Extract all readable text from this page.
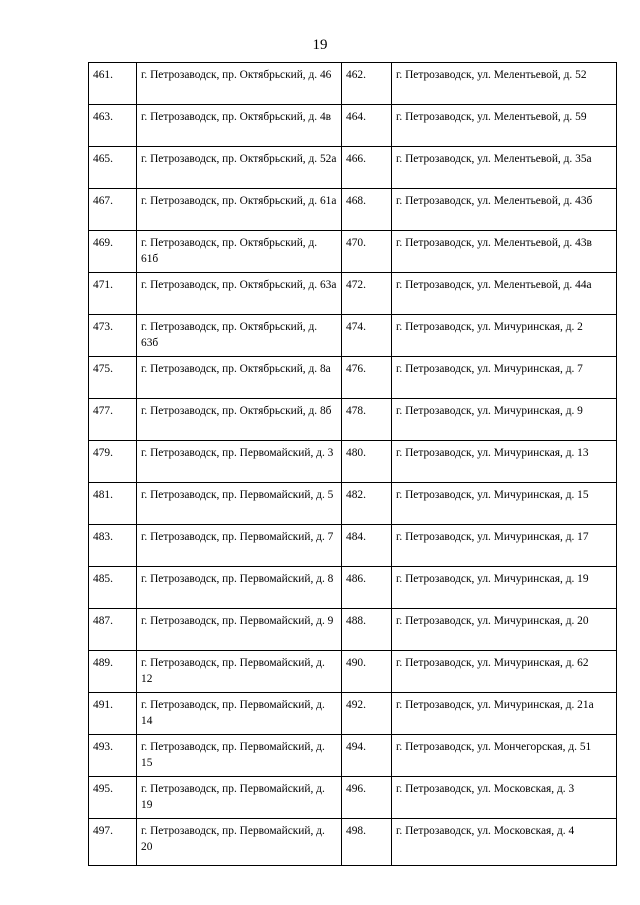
19
461.	г. Петрозаводск, пр. Октябрьский, д. 46	462.	г. Петрозаводск, ул. Мелентьевой, д. 52
463.	г. Петрозаводск, пр. Октябрьский, д. 4в	464.	г. Петрозаводск, ул. Мелентьевой, д. 59
465.	г. Петрозаводск, пр. Октябрьский, д. 52а	466.	г. Петрозаводск, ул. Мелентьевой, д. 35а
467.	г. Петрозаводск, пр. Октябрьский, д. 61а	468.	г. Петрозаводск, ул. Мелентьевой, д. 43б
469.	г. Петрозаводск, пр. Октябрьский, д. 61б	470.	г. Петрозаводск, ул. Мелентьевой, д. 43в
471.	г. Петрозаводск, пр. Октябрьский, д. 63а	472.	г. Петрозаводск, ул. Мелентьевой, д. 44а
473.	г. Петрозаводск, пр. Октябрьский, д. 63б	474.	г. Петрозаводск, ул. Мичуринская, д. 2
475.	г. Петрозаводск, пр. Октябрьский, д. 8а	476.	г. Петрозаводск, ул. Мичуринская, д. 7
477.	г. Петрозаводск, пр. Октябрьский, д. 8б	478.	г. Петрозаводск, ул. Мичуринская, д. 9
479.	г. Петрозаводск, пр. Первомайский, д. 3	480.	г. Петрозаводск, ул. Мичуринская, д. 13
481.	г. Петрозаводск, пр. Первомайский, д. 5	482.	г. Петрозаводск, ул. Мичуринская, д. 15
483.	г. Петрозаводск, пр. Первомайский, д. 7	484.	г. Петрозаводск, ул. Мичуринская, д. 17
485.	г. Петрозаводск, пр. Первомайский, д. 8	486.	г. Петрозаводск, ул. Мичуринская, д. 19
487.	г. Петрозаводск, пр. Первомайский, д. 9	488.	г. Петрозаводск, ул. Мичуринская, д. 20
489.	г. Петрозаводск, пр. Первомайский, д. 12	490.	г. Петрозаводск, ул. Мичуринская, д. 62
491.	г. Петрозаводск, пр. Первомайский, д. 14	492.	г. Петрозаводск, ул. Мичуринская, д. 21а
493.	г. Петрозаводск, пр. Первомайский, д. 15	494.	г. Петрозаводск, ул. Мончегорская, д. 51
495.	г. Петрозаводск, пр. Первомайский, д. 19	496.	г. Петрозаводск, ул. Московская, д. 3
497.	г. Петрозаводск, пр. Первомайский, д. 20	498.	г. Петрозаводск, ул. Московская, д. 4
